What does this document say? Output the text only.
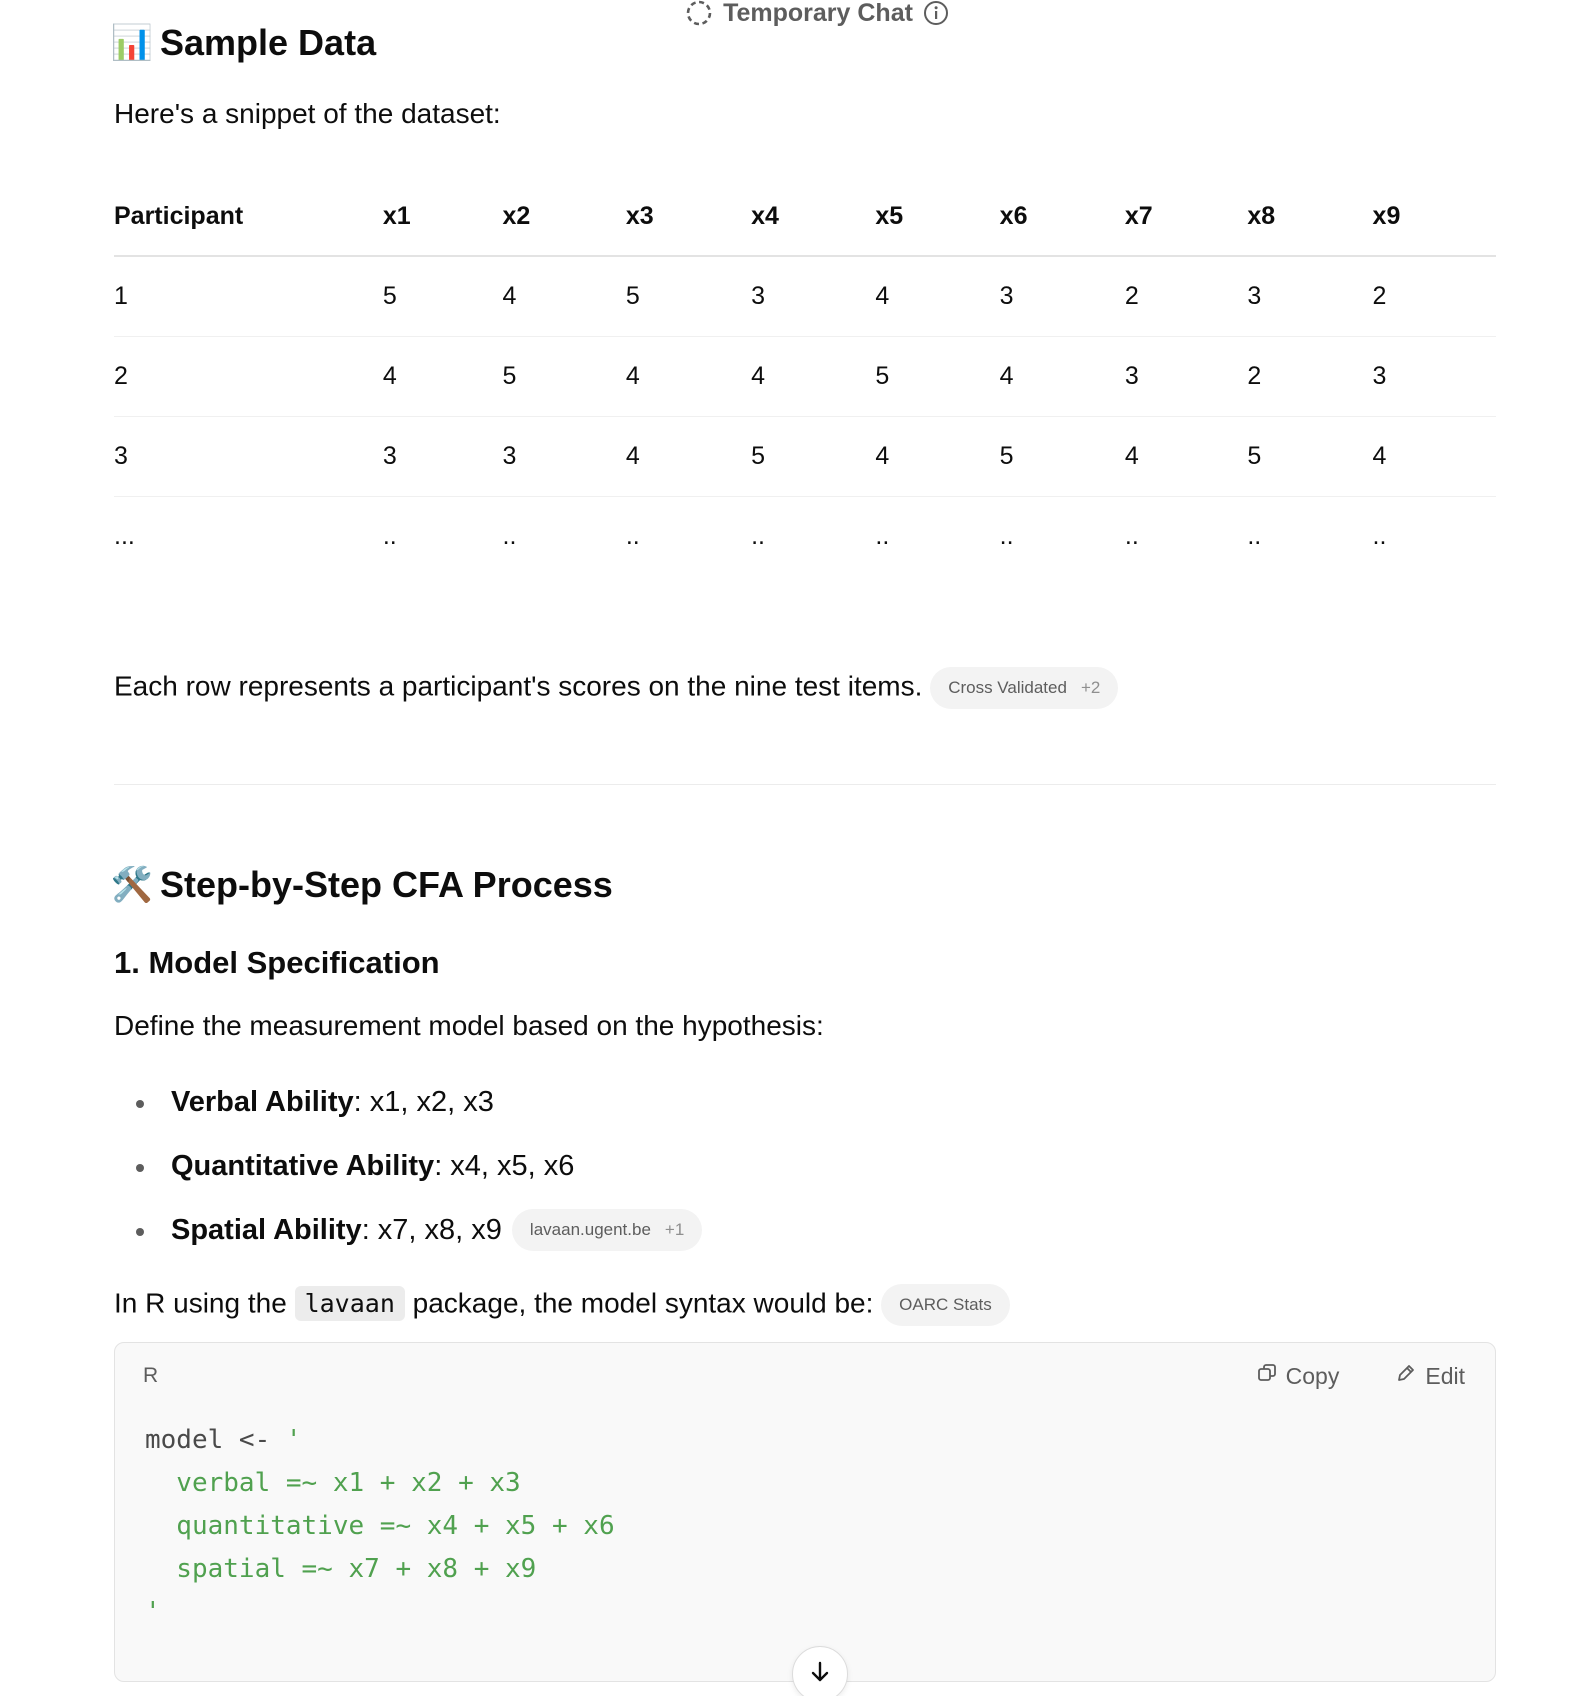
Temporary Chat
📊 Sample Data

Here's a snippet of the dataset:

Participant	x1	x2	x3	x4	x5	x6	x7	x8	x9
1	5	4	5	3	4	3	2	3	2
2	4	5	4	4	5	4	3	2	3
3	3	3	4	5	4	5	4	5	4
...	..	..	..	..	..	..	..	..	..

Each row represents a participant's scores on the nine test items. Cross Validated +2

🛠️ Step-by-Step CFA Process
1. Model Specification

Define the measurement model based on the hypothesis:

Verbal Ability : x1, x2, x3
Quantitative Ability : x4, x5, x6
Spatial Ability : x7, x8, x9 lavaan.ugent.be +1

In R using the lavaan package, the model syntax would be: OARC Stats

R	Copy	Edit
model <- '
verbal =~ x1 + x2 + x3
quantitative =~ x4 + x5 + x6
spatial =~ x7 + x8 + x9
'
